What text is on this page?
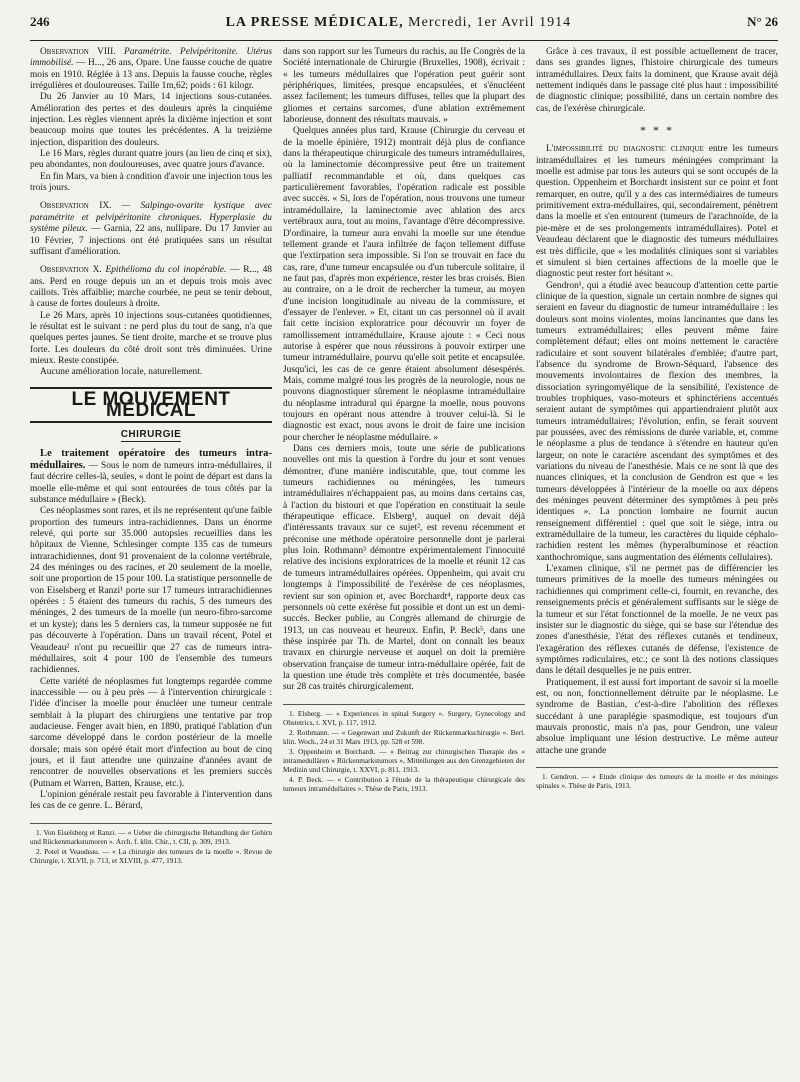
246	LA PRESSE MÉDICALE, Mercredi, 1er Avril 1914	N° 26

Observation VIII. Paramétrite. Pelvipéritonite. Utérus immobilisé. — H..., 26 ans, Opare. Une fausse couche de quatre mois en 1910. Réglée à 13 ans. Depuis la fausse couche, règles irrégulières et douloureuses. Taille 1m,62; poids : 61 kilogr.

Du 26 Janvier au 10 Mars, 14 injections sous-cutanées. Amélioration des pertes et des douleurs après la cinquième injection. Les règles viennent après la dixième injection et sont beaucoup moins que toutes les précédentes. A la treizième injection, disparition des douleurs.

Le 16 Mars, règles durant quatre jours (au lieu de cinq et six), peu abondantes, non douloureuses, avec quatre jours d'avance.

En fin Mars, va bien à condition d'avoir une injection tous les trois jours.

Observation IX. — Salpingo-ovarite kystique avec paramétrite et pelvipéritonite chroniques. Hyperplasie du système pileux. — Garnia, 22 ans, nullipare. Du 17 Janvier au 10 Février, 7 injections ont été pratiquées sans un résultat suffisant d'amélioration.

Observation X. Epithélioma du col inopérable. — R..., 48 ans. Perd en rouge depuis un an et depuis trois mois avec caillots. Très affaiblie; marche courbée, ne peut se tenir debout, à cause de fortes douleurs à droite.

Le 26 Mars, après 10 injections sous-cutanées quotidiennes, le résultat est le suivant : ne perd plus du tout de sang, n'a que quelques pertes jaunes. Se tient droite, marche et se trouve plus forte. Les douleurs du côté droit sont très diminuées. Urine mieux. Reste constipée.

Aucune amélioration locale, naturellement.

LE MOUVEMENT MÉDICAL
CHIRURGIE

Le traitement opératoire des tumeurs intra-médullaires. — Sous le nom de tumeurs intra-médullaires, il faut décrire celles-là, seules, « dont le point de départ est dans la moelle elle-même et qui sont entourées de tous côtés par la substance médullaire » (Beck).

Ces néoplasmes sont rares, et ils ne représentent qu'une faible proportion des tumeurs intra-rachidiennes. Dans un énorme relevé, qui porte sur 35.000 autopsies recueillies dans les hôpitaux de Vienne, Schlesinger compte 135 cas de tumeurs intrarachidiennes, dont 91 provenaient de la colonne vertébrale, 24 des méninges ou des racines, et 20 seulement de la moelle, soit une proportion de 15 pour 100. La statistique personnelle de von Eiselsberg et Ranzi¹ porte sur 17 tumeurs intrarachidiennes opérées : 5 étaient des tumeurs du rachis, 5 des tumeurs des méninges, 2 des tumeurs de la moelle (un neuro-fibro-sarcome et un kyste); dans les 5 derniers cas, la tumeur supposée ne fut pas découverte à l'opération. Dans un travail récent, Potel et Veaudeau² n'ont pu recueillir que 27 cas de tumeurs intra-médullaires, soit 4 pour 100 de l'ensemble des tumeurs rachidiennes.

Cette variété de néoplasmes fut longtemps regardée comme inaccessible — ou à peu près — à l'intervention chirurgicale : l'idée d'inciser la moelle pour énucléer une tumeur centrale semblait à la plupart des chirurgiens une tentative par trop audacieuse. Fenger avait bien, en 1890, pratiqué l'ablation d'un sarcome développé dans le cordon postérieur de la moelle dorsale; mais son opéré était mort d'infection au bout de cinq jours, et il faut attendre une quinzaine d'années avant de rencontrer de nouvelles observations et les premiers succès (Putnam et Warren, Batten, Krause, etc.).

L'opinion générale restait peu favorable à l'intervention dans les cas de ce genre. L. Bérard,

1. Von Eiselsberg et Ranzi. — « Ueber die chirurgische Behandlung der Gehirn und Rückenmarkstumoren ». Arch. f. klin. Chir., t. CII, p. 309, 1913.
2. Potel et Veaudeau. — « La chirurgie des tumeurs de la moelle ». Revue de Chirurgie, t. XLVII, p. 713, et XLVIII, p. 477, 1913.

dans son rapport sur les Tumeurs du rachis, au IIe Congrès de la Société internationale de Chirurgie (Bruxelles, 1908), écrivait : « les tumeurs médullaires que l'opération peut guérir sont périphériques, limitées, presque encapsulées, et s'énucléent assez facilement; les tumeurs diffuses, telles que la plupart des gliomes et certains sarcomes, d'une ablation extrêmement laborieuse, donnent des résultats mauvais. »

Quelques années plus tard, Krause (Chirurgie du cerveau et de la moelle épinière, 1912) montrait déjà plus de confiance dans la thérapeutique chirurgicale des tumeurs intramédullaires, où la laminectomie décompressive peut être un traitement palliatif recommandable et où, dans quelques cas particulièrement favorables, l'opération radicale est possible avec succès. « Si, lors de l'opération, nous trouvons une tumeur intramédullaire, la laminectomie avec ablation des arcs vertébraux aura, tout au moins, l'avantage d'être décompressive. D'ordinaire, la tumeur aura envahi la moelle sur une étendue tellement grande et l'aura infiltrée de façon tellement diffuse que l'extirpation sera impossible. Si l'on se trouvait en face du cas, rare, d'une tumeur encapsulée ou d'un tubercule solitaire, il ne faut pas, d'après mon expérience, rester les bras croisés. Bien au contraire, on a le droit de rechercher la tumeur, au moyen d'une incision longitudinale au niveau de la commissure, et d'essayer de l'enlever. » Et, citant un cas personnel où il avait fait cette incision exploratrice pour découvrir un foyer de ramollissement intramédullaire, Krause ajoute : « Ceci nous autorise à espérer que nous réussirons à pouvoir extirper une tumeur intramédullaire, pourvu qu'elle soit petite et encapsulée. Jusqu'ici, les cas de ce genre étaient absolument désespérés. Mais, comme malgré tous les progrès de la neurologie, nous ne pouvons diagnostiquer sûrement le néoplasme intramédullaire du néoplasme intradural qui épargne la moelle, nous pouvons toujours en opérant nous attendre à trouver celui-là. Si le diagnostic est exact, nous avons le droit de faire une incision pour chercher le néoplasme médullaire. »

Dans ces derniers mois, toute une série de publications nouvelles ont mis la question à l'ordre du jour et sont venues démontrer, d'une manière indiscutable, que, tout comme les tumeurs rachidiennes ou méningées, les tumeurs intramédullaires n'échappaient pas, au moins dans certains cas, à l'action du bistouri et que l'opération en constituait la seule thérapeutique efficace. Elsberg¹, auquel on devait déjà d'intéressants travaux sur ce sujet², est revenu récemment et préconise une méthode opératoire personnelle dont je parlerai plus loin. Rothmann³ démontre expérimentalement l'innocuité relative des incisions exploratrices de la moelle et réunit 12 cas de tumeurs intramédullaires opérées. Oppenheim, qui avait cru longtemps à l'impossibilité de l'exérèse de ces néoplasmes, revient sur son opinion et, avec Borchardt⁴, rapporte deux cas personnels où cette exérèse fut possible et dont un est un demi-succès. Becker publie, au Congrès allemand de chirurgie de 1913, un cas nouveau et heureux. Enfin, P. Beck⁵, dans une thèse inspirée par Th. de Martel, dont on connaît les beaux travaux en chirurgie nerveuse et auquel on doit la première observation française de tumeur intra-médullaire opérée, fait de la question une étude très complète et très documentée, basée sur 28 cas traités chirurgicalement.

1. Elsberg. — « Experiences in spinal Surgery ». Surgery, Gynecology and Obstetrics, t. XVI, p. 117, 1912.
2. Rothmann. — « Gegenwart und Zukunft der Rückenmarkschirurgie ». Berl. klin. Woch., 24 et 31 Mars 1913, pp. 528 et 598.
3. Oppenheim et Borchardt. — « Beitrag zur chirurgischen Therapie des « intramedullären » Rückenmarkstumors », Mitteilungen aus den Grenzgebieten der Medizin und Chirurgie, t. XXVI, p. 811, 1913.
4. P. Beck. — « Contribution à l'étude de la thérapeutique chirurgicale des tumeurs intramédullaires ». Thèse de Paris, 1913.

Grâce à ces travaux, il est possible actuellement de tracer, dans ses grandes lignes, l'histoire chirurgicale des tumeurs intramédullaires. Deux faits la dominent, que Krause avait déjà nettement indiqués dans le passage cité plus haut : impossibilité de diagnostic clinique; possibilité, dans un certain nombre des cas, de l'exérèse chirurgicale.

* * *

L'impossibilité du diagnostic clinique entre les tumeurs intramédullaires et les tumeurs méningées comprimant la moelle est admise par tous les auteurs qui se sont occupés de la question. Oppenheim et Borchardt insistent sur ce point et font remarquer, en outre, qu'il y a des cas intermédiaires de tumeurs primitivement extra-médullaires, qui, secondairement, pénètrent dans la moelle et s'en entourent (tumeurs de l'arachnoïde, de la pie-mère et de ses prolongements intramédullaires). Potel et Veaudeau déclarent que le diagnostic des tumeurs médullaires est très difficile, que « les modalités cliniques sont si variables et simulent si bien certaines affections de la moelle que le diagnostic peut rester fort hésitant ».

Gendron¹, qui a étudié avec beaucoup d'attention cette partie clinique de la question, signale un certain nombre de signes qui seraient en faveur du diagnostic de tumeur intramédullaire : les douleurs sont moins violentes, moins lancinantes que dans les tumeurs extramédullaires; elles peuvent même faire complètement défaut; elles ont moins nettement le caractère radiculaire et sont souvent bilatérales d'emblée; d'autre part, l'absence du syndrome de Brown-Séquard, l'absence des mouvements involontaires de flexion des membres, la dissociation syringomyélique de la sensibilité, l'existence de troubles trophiques, vaso-moteurs et sphinctériens accentués seraient autant de symptômes qui appartiendraient plutôt aux tumeurs intramédullaires; l'évolution, enfin, se ferait souvent par poussées, avec des rémissions de durée variable, et, comme le néoplasme a plus de tendance à s'étendre en hauteur qu'en largeur, on note le caractère ascendant des symptômes et des variations du niveau de l'anesthésie. Mais ce ne sont là que des nuances cliniques, et la conclusion de Gendron est que « les tumeurs développées à l'intérieur de la moelle ou aux dépens des méninges peuvent déterminer des symptômes à peu près identiques ». La ponction lombaire ne fournit aucun renseignement différentiel : quel que soit le siège, intra ou extramédullaire de la tumeur, les caractères du liquide céphalo-rachidien restent les mêmes (hyperalbuminose et réaction xanthochromique, sans augmentation des éléments cellulaires).

L'examen clinique, s'il ne permet pas de différencier les tumeurs primitives de la moelle des tumeurs méningées ou rachidiennes qui compriment celle-ci, fournit, en revanche, des renseignements précis et généralement suffisants sur le siège de la tumeur et sur l'état fonctionnel de la moelle. Je ne veux pas insister sur le diagnostic du siège, qui se base sur l'étendue des zones d'anesthésie, l'état des réflexes cutanés et tendineux, l'exagération des réflexes cutanés de défense, l'existence de symptômes radiculaires, etc.; ce sont là des notions classiques dans le détail desquelles je ne puis entrer.

Pratiquement, il est aussi fort important de savoir si la moelle est, ou non, fonctionnellement détruite par le néoplasme. Le syndrome de Bastian, c'est-à-dire l'abolition des réflexes succédant à une paraplégie spasmodique, est toujours d'un mauvais pronostic, mais n'a pas, pour Gendron, une valeur absolue impliquant une lésion destructive. Le même auteur attache une grande

1. Gendron. — « Etude clinique des tumeurs de la moelle et des méninges spinales ». Thèse de Paris, 1913.
